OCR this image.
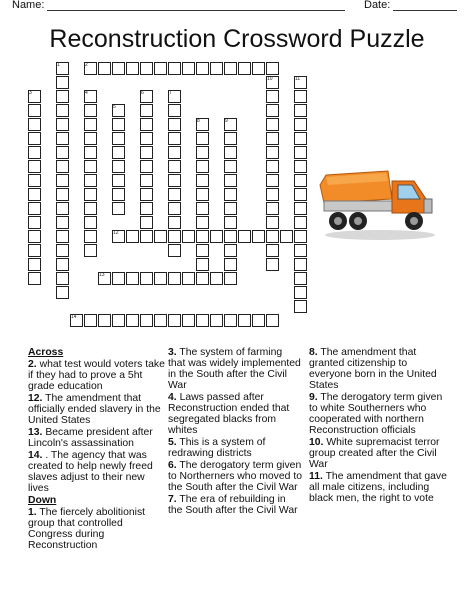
Name:	Date:
Reconstruction Crossword Puzzle
1	2
3	4
5
6	7
8	9
10	11
12
13
14

Across

2. what test would voters take if they had to prove a 5ht grade education

12. The amendment that officially ended slavery in the United States

13. Became president after Lincoln's assassination

14. . The agency that was created to help newly freed slaves adjust to their new lives

Down

1. The fiercely abolitionist group that controlled Congress during Reconstruction

3. The system of farming that was widely implemented in the South after the Civil War

4. Laws passed after Reconstruction ended that segregated blacks from whites

5. This is a system of redrawing districts

6. The derogatory term given to Northerners who moved to the South after the Civil War

7. The era of rebuilding in the South after the Civil War

8. The amendment that granted citizenship to everyone born in the United States

9. The derogatory term given to white Southerners who cooperated with northern Reconstruction officials

10. White supremacist terror group created after the Civil War

11. The amendment that gave all male citizens, including black men, the right to vote
